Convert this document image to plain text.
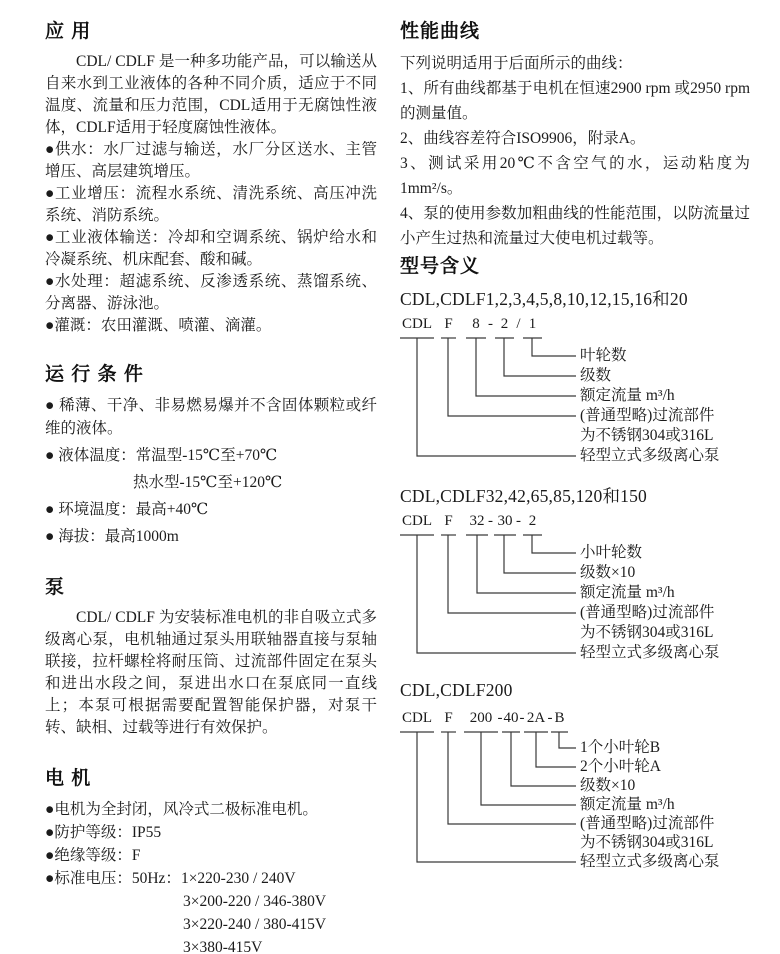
应 用

CDL/ CDLF 是一种多功能产品，可以输送从自来水到工业液体的各种不同介质，适应于不同温度、流量和压力范围，CDL适用于无腐蚀性液体，CDLF适用于轻度腐蚀性液体。

●供水：水厂过滤与输送，水厂分区送水、主管增压、高层建筑增压。

●工业增压：流程水系统、清洗系统、高压冲洗系统、消防系统。

●工业液体输送：冷却和空调系统、锅炉给水和冷凝系统、机床配套、酸和碱。

●水处理：超滤系统、反渗透系统、蒸馏系统、分离器、游泳池。

●灌溉：农田灌溉、喷灌、滴灌。

运 行 条 件

● 稀薄、干净、非易燃易爆并不含固体颗粒或纤维的液体。

● 液体温度：常温型-15℃至+70℃

热水型-15℃至+120℃

● 环境温度：最高+40℃

● 海拔：最高1000m

泵

CDL/ CDLF 为安装标准电机的非自吸立式多级离心泵，电机轴通过泵头用联轴器直接与泵轴联接，拉杆螺栓将耐压筒、过流部件固定在泵头和进出水段之间，泵进出水口在泵底同一直线上；本泵可根据需要配置智能保护器，对泵干转、缺相、过载等进行有效保护。

电 机

●电机为全封闭，风冷式二极标准电机。

●防护等级：IP55

●绝缘等级：F

●标准电压：50Hz：1×220-230 / 240V

3×200-220 / 346-380V

3×220-240 / 380-415V

3×380-415V

性能曲线

下列说明适用于后面所示的曲线：

1、所有曲线都基于电机在恒速2900 rpm 或2950 rpm的测量值。

2、曲线容差符合ISO9906，附录A。

3、测试采用20℃不含空气的水，运动粘度为1mm²/s。

4、泵的使用参数加粗曲线的性能范围，以防流量过小产生过热和流量过大使电机过载等。

型号含义
CDL,CDLF1,2,3,4,5,8,10,12,15,16和20
CDL F	8 - 2 / 1
叶轮数
级数
额定流量 m³/h
(普通型略)过流部件
为不锈钢304或316L
轻型立式多级离心泵
CDL,CDLF32,42,65,85,120和150
CDL F 32 - 30 - 2
小叶轮数
级数×10
额定流量 m³/h
(普通型略)过流部件
为不锈钢304或316L
轻型立式多级离心泵
CDL,CDLF200
CDL F	200 - 40 - 2A - B
1个小叶轮B
2个小叶轮A
级数×10
额定流量 m³/h
(普通型略)过流部件
为不锈钢304或316L
轻型立式多级离心泵
